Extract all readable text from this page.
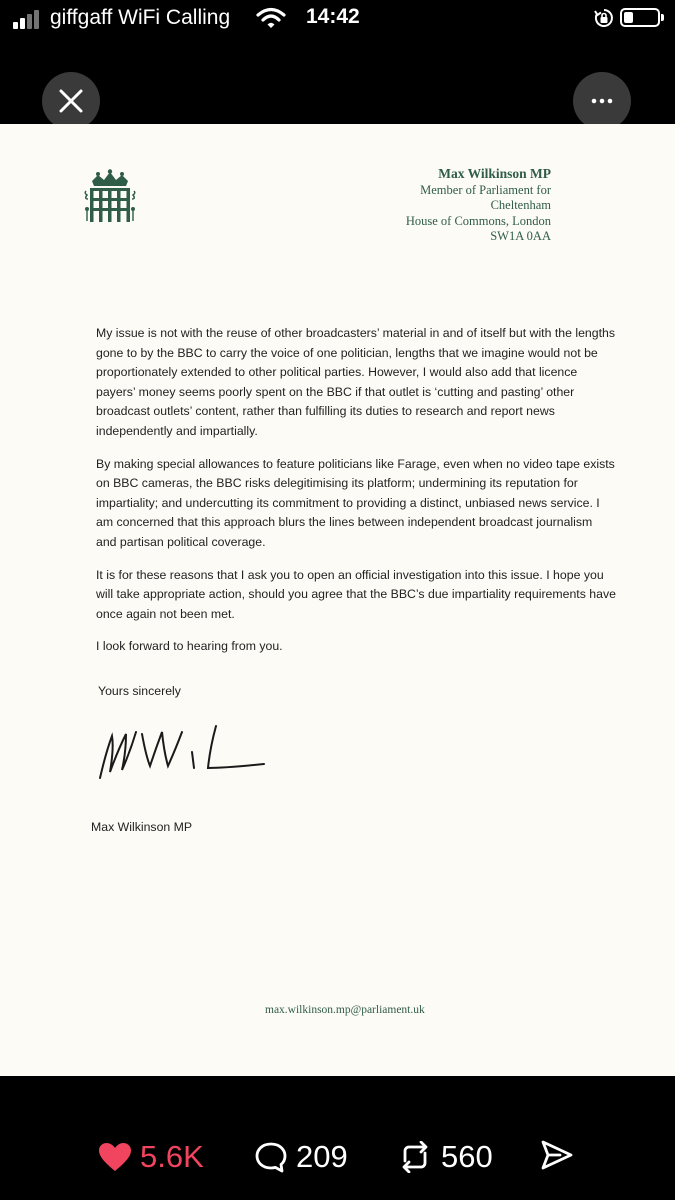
giffgaff WiFi Calling	14:42
Max Wilkinson MP
Member of Parliament for
Cheltenham
House of Commons, London
SW1A 0AA

My issue is not with the reuse of other broadcasters’ material in and of itself but with the lengths gone to by the BBC to carry the voice of one politician, lengths that we imagine would not be proportionately extended to other political parties. However, I would also add that licence payers’ money seems poorly spent on the BBC if that outlet is ‘cutting and pasting’ other broadcast outlets’ content, rather than fulfilling its duties to research and report news independently and impartially.

By making special allowances to feature politicians like Farage, even when no video tape exists on BBC cameras, the BBC risks delegitimising its platform; undermining its reputation for impartiality; and undercutting its commitment to providing a distinct, unbiased news service. I am concerned that this approach blurs the lines between independent broadcast journalism and partisan political coverage.

It is for these reasons that I ask you to open an official investigation into this issue. I hope you will take appropriate action, should you agree that the BBC’s due impartiality requirements have once again not been met.

I look forward to hearing from you.

Yours sincerely
Max Wilkinson MP
max.wilkinson.mp@parliament.uk
5.6K	209	560
